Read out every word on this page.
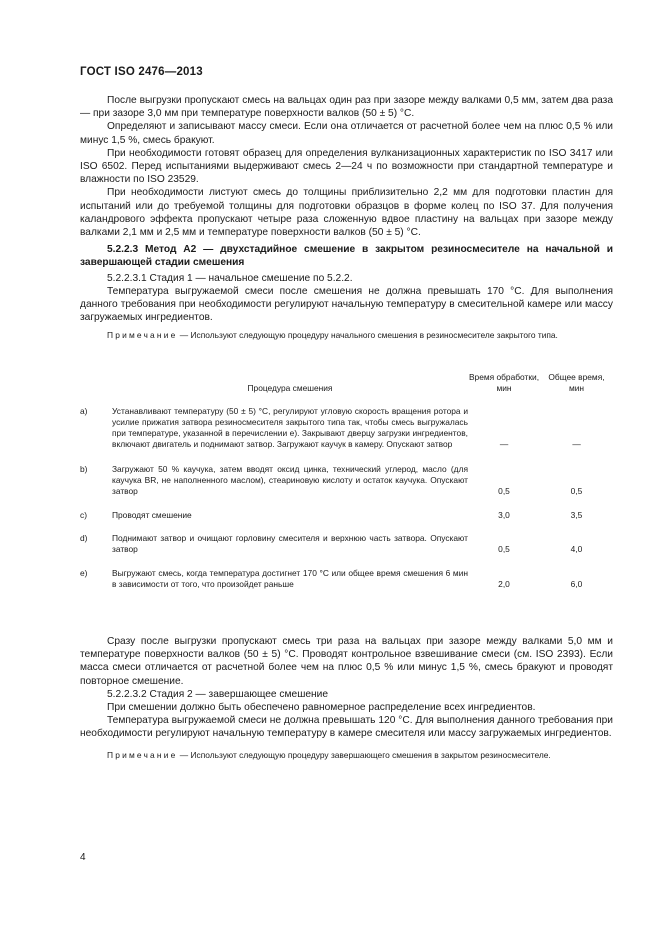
ГОСТ ISO 2476—2013

После выгрузки пропускают смесь на вальцах один раз при зазоре между валками 0,5 мм, затем два раза — при зазоре 3,0 мм при температуре поверхности валков (50 ± 5) °С.

Определяют и записывают массу смеси. Если она отличается от расчетной более чем на плюс 0,5 % или минус 1,5 %, смесь бракуют.

При необходимости готовят образец для определения вулканизационных характеристик по ISO 3417 или ISO 6502. Перед испытаниями выдерживают смесь 2—24 ч по возможности при стандартной температуре и влажности по ISO 23529.

При необходимости листуют смесь до толщины приблизительно 2,2 мм для подготовки пластин для испытаний или до требуемой толщины для подготовки образцов в форме колец по ISO 37. Для получения каландрового эффекта пропускают четыре раза сложенную вдвое пластину на вальцах при зазоре между валками 2,1 мм и 2,5 мм и температуре поверхности валков (50 ± 5) °С.

5.2.2.3 Метод А2 — двухстадийное смешение в закрытом резиносмесителе на начальной и завершающей стадии смешения

5.2.2.3.1 Стадия 1 — начальное смешение по 5.2.2.

Температура выгружаемой смеси после смешения не должна превышать 170 °С. Для выполнения данного требования при необходимости регулируют начальную температуру в смесительной камере или массу загружаемых ингредиентов.

Примечание — Используют следующую процедуру начального смешения в резиносмесителе закрытого типа.

	Процедура смешения	Время обработки, мин	Общее время, мин
а)	Устанавливают температуру (50 ± 5) °С, регулируют угловую скорость вращения ротора и усилие прижатия затвора резиносмесителя закрытого типа так, чтобы смесь выгружалась при температуре, указанной в перечислении е). Закрывают дверцу загрузки ингредиентов, включают двигатель и поднимают затвор. Загружают каучук в камеру. Опускают затвор	—	—
b)	Загружают 50 % каучука, затем вводят оксид цинка, технический углерод, масло (для каучука BR, не наполненного маслом), стеариновую кислоту и остаток каучука. Опускают затвор	0,5	0,5
с)	Проводят смешение	3,0	3,5
d)	Поднимают затвор и очищают горловину смесителя и верхнюю часть затвора. Опускают затвор	0,5	4,0
е)	Выгружают смесь, когда температура достигнет 170 °С или общее время смешения 6 мин в зависимости от того, что произойдет раньше	2,0	6,0

Сразу после выгрузки пропускают смесь три раза на вальцах при зазоре между валками 5,0 мм и температуре поверхности валков (50 ± 5) °С. Проводят контрольное взвешивание смеси (см. ISO 2393). Если масса смеси отличается от расчетной более чем на плюс 0,5 % или минус 1,5 %, смесь бракуют и проводят повторное смешение.

5.2.2.3.2 Стадия 2 — завершающее смешение

При смешении должно быть обеспечено равномерное распределение всех ингредиентов.

Температура выгружаемой смеси не должна превышать 120 °С. Для выполнения данного требования при необходимости регулируют начальную температуру в камере смесителя или массу загружаемых ингредиентов.

Примечание — Используют следующую процедуру завершающего смешения в закрытом резиносмесителе.

4
